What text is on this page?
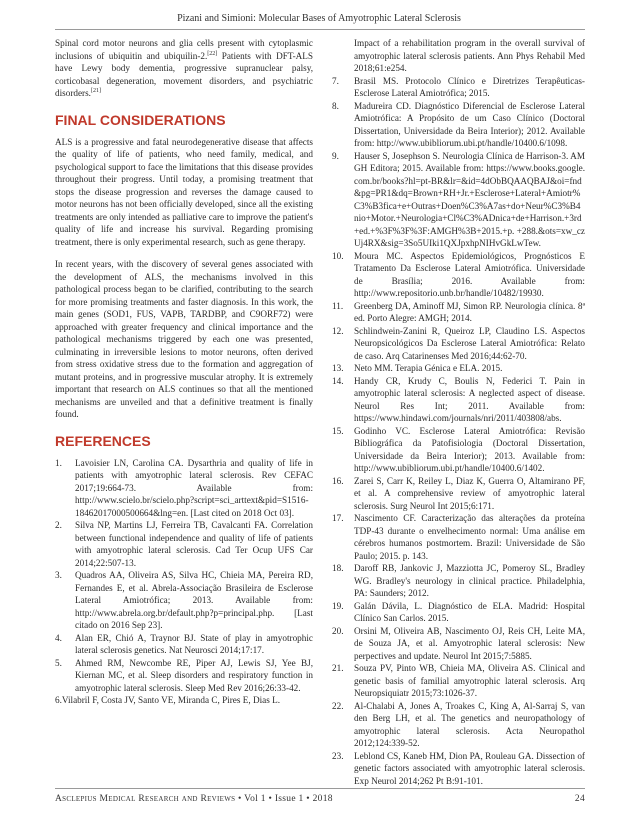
Pizani and Simioni: Molecular Bases of Amyotrophic Lateral Sclerosis

Spinal cord motor neurons and glia cells present with cytoplasmic inclusions of ubiquitin and ubiquilin-2.[22] Patients with DFT-ALS have Lewy body dementia, progressive supranuclear palsy, corticobasal degeneration, movement disorders, and psychiatric disorders.[21]

FINAL CONSIDERATIONS

ALS is a progressive and fatal neurodegenerative disease that affects the quality of life of patients, who need family, medical, and psychological support to face the limitations that this disease provides throughout their progress. Until today, a promising treatment that stops the disease progression and reverses the damage caused to motor neurons has not been officially developed, since all the existing treatments are only intended as palliative care to improve the patient's quality of life and increase his survival. Regarding promising treatment, there is only experimental research, such as gene therapy.

In recent years, with the discovery of several genes associated with the development of ALS, the mechanisms involved in this pathological process began to be clarified, contributing to the search for more promising treatments and faster diagnosis. In this work, the main genes (SOD1, FUS, VAPB, TARDBP, and C9ORF72) were approached with greater frequency and clinical importance and the pathological mechanisms triggered by each one was presented, culminating in irreversible lesions to motor neurons, often derived from stress oxidative stress due to the formation and aggregation of mutant proteins, and in progressive muscular atrophy. It is extremely important that research on ALS continues so that all the mentioned mechanisms are unveiled and that a definitive treatment is finally found.

REFERENCES
1.	Lavoisier LN, Carolina CA. Dysarthria and quality of life in patients with amyotrophic lateral sclerosis. Rev CEFAC 2017;19:664-73. Available from: http://www.scielo.br/scielo.php?script=sci_arttext&pid=S1516-18462017000500664&lng=en. [Last cited on 2018 Oct 03].
2.	Silva NP, Martins LJ, Ferreira TB, Cavalcanti FA. Correlation between functional independence and quality of life of patients with amyotrophic lateral sclerosis. Cad Ter Ocup UFS Car 2014;22:507-13.
3.	Quadros AA, Oliveira AS, Silva HC, Chieia MA, Pereira RD, Fernandes E, et al. Abrela-Associação Brasileira de Esclerose Lateral Amiotrófica; 2013. Available from: http://www.abrela.org.br/default.php?p=principal.php. [Last citado on 2016 Sep 23].
4.	Alan ER, Chió A, Traynor BJ. State of play in amyotrophic lateral sclerosis genetics. Nat Neurosci 2014;17:17.
5.	Ahmed RM, Newcombe RE, Piper AJ, Lewis SJ, Yee BJ, Kiernan MC, et al. Sleep disorders and respiratory function in amyotrophic lateral sclerosis. Sleep Med Rev 2016;26:33-42.
6.Vilabril F, Costa JV, Santo VE, Miranda C, Pires E, Dias L.
Impact of a rehabilitation program in the overall survival of amyotrophic lateral sclerosis patients. Ann Phys Rehabil Med 2018;61:e254.
7.	Brasil MS. Protocolo Clínico e Diretrizes Terapêuticas-Esclerose Lateral Amiotrófica; 2015.
8.	Madureira CD. Diagnóstico Diferencial de Esclerose Lateral Amiotrófica: A Propósito de um Caso Clínico (Doctoral Dissertation, Universidade da Beira Interior); 2012. Available from: http://www.ubibliorum.ubi.pt/handle/10400.6/1098.
9.	Hauser S, Josephson S. Neurologia Clínica de Harrison-3. AMGH Editora; 2015. Available from: https://www.books.google.com.br/books?hl=pt-BR&lr=&id=4dObBQAAQBAJ&oi=fnd&pg=PR1&dq=Brown+RH+Jr.+Esclerose+Lateral+Amiotr%C3%B3fica+e+Outras+Doen%C3%A7as+do+Neur%C3%B4nio+Motor.+Neurologia+Cl%C3%ADnica+de+Harrison.+3rd+ed.+%3F%3F%3F:AMGH%3B+2015.+p. +288.&ots=xw_czUj4RX&sig=3So5UIki1QXJpxhpNIHvGkLwTew.
10.	Moura MC. Aspectos Epidemiológicos, Prognósticos E Tratamento Da Esclerose Lateral Amiotrófica. Universidade de Brasília; 2016. Available from: http://www.repositorio.unb.br/handle/10482/19930.
11.	Greenberg DA, Aminoff MJ, Simon RP. Neurologia clínica. 8ª ed. Porto Alegre: AMGH; 2014.
12.	Schlindwein-Zanini R, Queiroz LP, Claudino LS. Aspectos Neuropsicológicos Da Esclerose Lateral Amiotrófica: Relato de caso. Arq Catarinenses Med 2016;44:62-70.
13.	Neto MM. Terapia Génica e ELA. 2015.
14.	Handy CR, Krudy C, Boulis N, Federici T. Pain in amyotrophic lateral sclerosis: A neglected aspect of disease. Neurol Res Int; 2011. Available from: https://www.hindawi.com/journals/nri/2011/403808/abs.
15.	Godinho VC. Esclerose Lateral Amiotrófica: Revisão Bibliográfica da Patofisiologia (Doctoral Dissertation, Universidade da Beira Interior); 2013. Available from: http://www.ubibliorum.ubi.pt/handle/10400.6/1402.
16.	Zarei S, Carr K, Reiley L, Diaz K, Guerra O, Altamirano PF, et al. A comprehensive review of amyotrophic lateral sclerosis. Surg Neurol Int 2015;6:171.
17.	Nascimento CF. Caracterização das alterações da proteína TDP-43 durante o envelhecimento normal: Uma análise em cérebros humanos postmortem. Brazil: Universidade de São Paulo; 2015. p. 143.
18.	Daroff RB, Jankovic J, Mazziotta JC, Pomeroy SL, Bradley WG. Bradley's neurology in clinical practice. Philadelphia, PA: Saunders; 2012.
19.	Galán Dávila, L. Diagnóstico de ELA. Madrid: Hospital Clínico San Carlos. 2015.
20.	Orsini M, Oliveira AB, Nascimento OJ, Reis CH, Leite MA, de Souza JA, et al. Amyotrophic lateral sclerosis: New perpectives and update. Neurol Int 2015;7:5885.
21.	Souza PV, Pinto WB, Chieia MA, Oliveira AS. Clinical and genetic basis of familial amyotrophic lateral sclerosis. Arq Neuropsiquiatr 2015;73:1026-37.
22.	Al-Chalabi A, Jones A, Troakes C, King A, Al-Sarraj S, van den Berg LH, et al. The genetics and neuropathology of amyotrophic lateral sclerosis. Acta Neuropathol 2012;124:339-52.
23.	Leblond CS, Kaneb HM, Dion PA, Rouleau GA. Dissection of genetic factors associated with amyotrophic lateral sclerosis. Exp Neurol 2014;262 Pt B:91-101.
Asclepius Medical Research and Reviews • Vol 1 • Issue 1 • 2018	24
